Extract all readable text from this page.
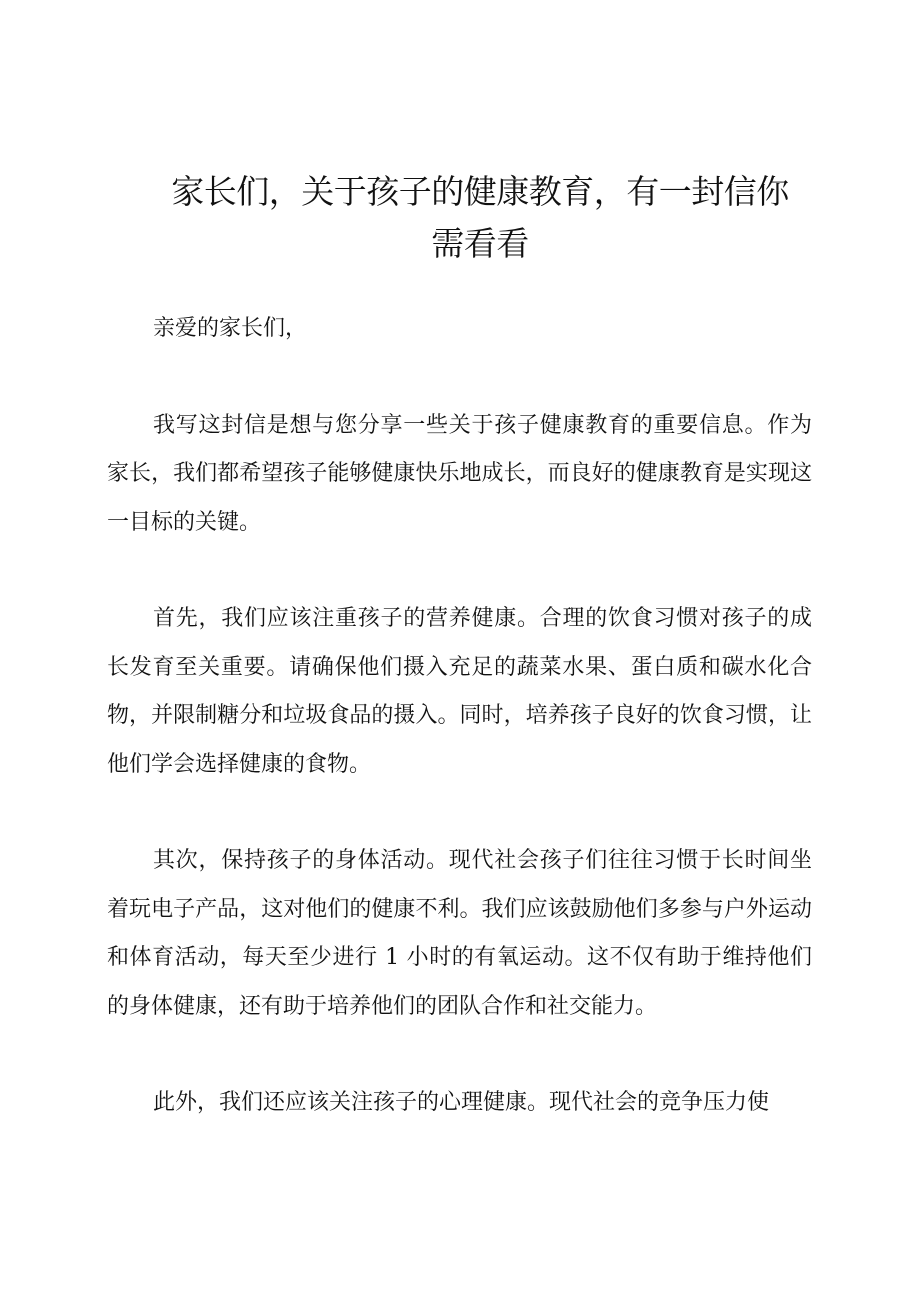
家长们，关于孩子的健康教育，有一封信你
需看看

亲爱的家长们，

我写这封信是想与您分享一些关于孩子健康教育的重要信息。作为家长，我们都希望孩子能够健康快乐地成长，而良好的健康教育是实现这一目标的关键。

首先，我们应该注重孩子的营养健康。合理的饮食习惯对孩子的成长发育至关重要。请确保他们摄入充足的蔬菜水果、蛋白质和碳水化合物，并限制糖分和垃圾食品的摄入。同时，培养孩子良好的饮食习惯，让他们学会选择健康的食物。

其次，保持孩子的身体活动。现代社会孩子们往往习惯于长时间坐着玩电子产品，这对他们的健康不利。我们应该鼓励他们多参与户外运动和体育活动，每天至少进行 1 小时的有氧运动。这不仅有助于维持他们的身体健康，还有助于培养他们的团队合作和社交能力。

此外，我们还应该关注孩子的心理健康。现代社会的竞争压力使
